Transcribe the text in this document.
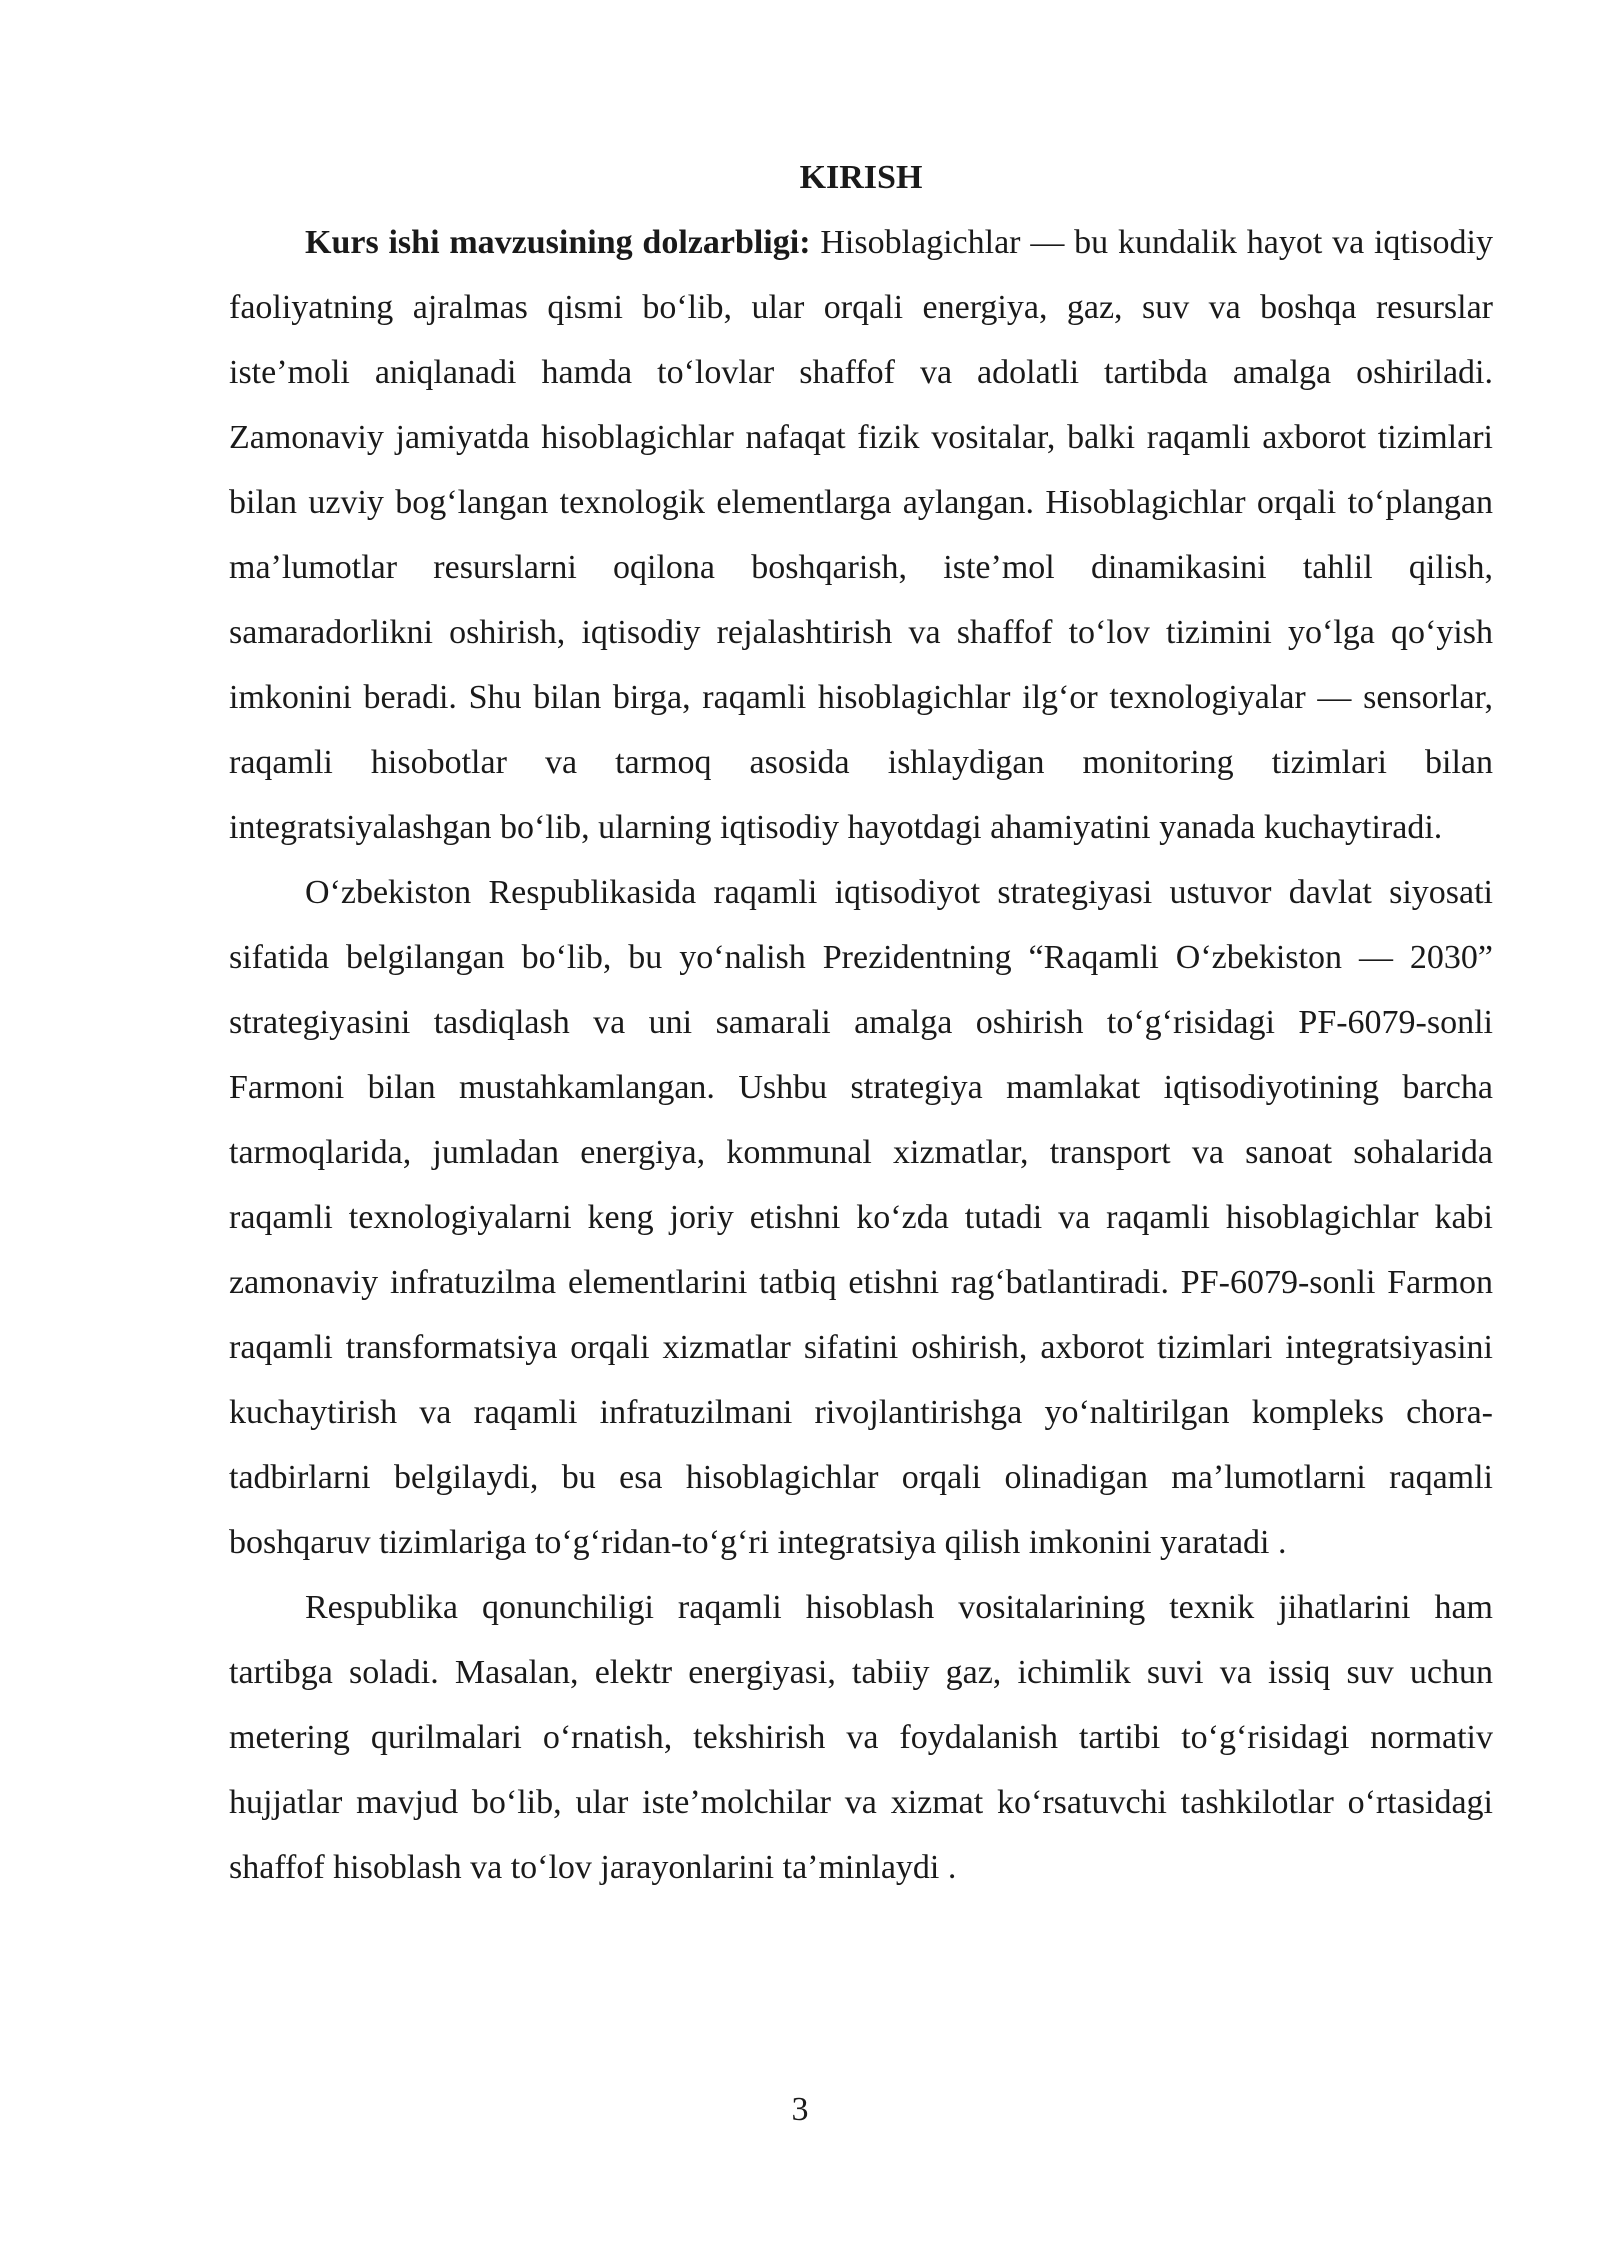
KIRISH

Kurs ishi mavzusining dolzarbligi: Hisoblagichlar — bu kundalik hayot va iqtisodiy faoliyatning ajralmas qismi boʻlib, ular orqali energiya, gaz, suv va boshqa resurslar isteʼmoli aniqlanadi hamda toʻlovlar shaffof va adolatli tartibda amalga oshiriladi. Zamonaviy jamiyatda hisoblagichlar nafaqat fizik vositalar, balki raqamli axborot tizimlari bilan uzviy bogʻlangan texnologik elementlarga aylangan. Hisoblagichlar orqali toʻplangan maʼlumotlar resurslarni oqilona boshqarish, isteʼmol dinamikasini tahlil qilish, samaradorlikni oshirish, iqtisodiy rejalashtirish va shaffof toʻlov tizimini yoʻlga qoʻyish imkonini beradi. Shu bilan birga, raqamli hisoblagichlar ilgʻor texnologiyalar — sensorlar, raqamli hisobotlar va tarmoq asosida ishlaydigan monitoring tizimlari bilan integratsiyalashgan boʻlib, ularning iqtisodiy hayotdagi ahamiyatini yanada kuchaytiradi.

Oʻzbekiston Respublikasida raqamli iqtisodiyot strategiyasi ustuvor davlat siyosati sifatida belgilangan boʻlib, bu yoʻnalish Prezidentning “Raqamli Oʻzbekiston — 2030” strategiyasini tasdiqlash va uni samarali amalga oshirish toʻgʻrisidagi PF-6079-sonli Farmoni bilan mustahkamlangan. Ushbu strategiya mamlakat iqtisodiyotining barcha tarmoqlarida, jumladan energiya, kommunal xizmatlar, transport va sanoat sohalarida raqamli texnologiyalarni keng joriy etishni koʻzda tutadi va raqamli hisoblagichlar kabi zamonaviy infratuzilma elementlarini tatbiq etishni ragʻbatlantiradi. PF-6079-sonli Farmon raqamli transformatsiya orqali xizmatlar sifatini oshirish, axborot tizimlari integratsiyasini kuchaytirish va raqamli infratuzilmani rivojlantirishga yoʻnaltirilgan kompleks chora-tadbirlarni belgilaydi, bu esa hisoblagichlar orqali olinadigan maʼlumotlarni raqamli boshqaruv tizimlariga toʻgʻridan-toʻgʻri integratsiya qilish imkonini yaratadi .

Respublika qonunchiligi raqamli hisoblash vositalarining texnik jihatlarini ham tartibga soladi. Masalan, elektr energiyasi, tabiiy gaz, ichimlik suvi va issiq suv uchun metering qurilmalari oʻrnatish, tekshirish va foydalanish tartibi toʻgʻrisidagi normativ hujjatlar mavjud boʻlib, ular isteʼmolchilar va xizmat koʻrsatuvchi tashkilotlar oʻrtasidagi shaffof hisoblash va toʻlov jarayonlarini taʼminlaydi .

3
